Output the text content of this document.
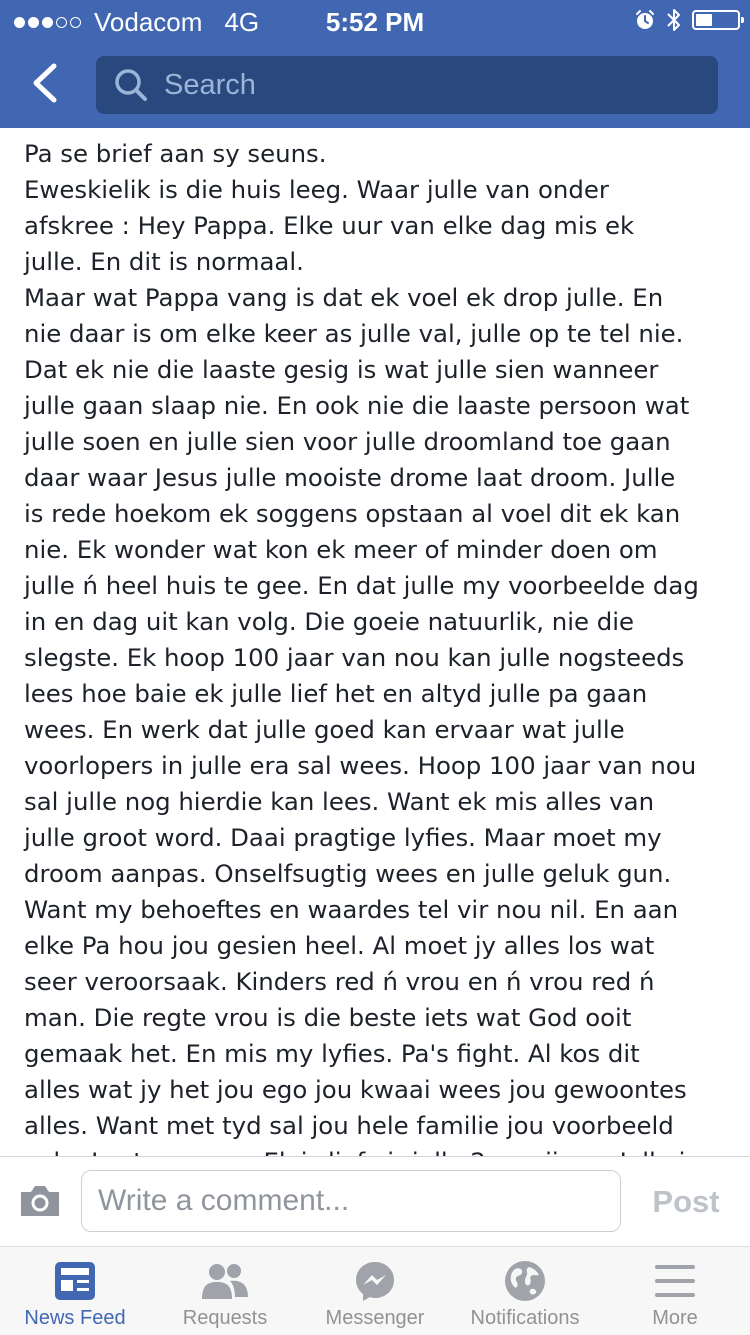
Vodacom 4G	5:52 PM
Search
Pa se brief aan sy seuns.
Eweskielik is die huis leeg. Waar julle van onder
afskree : Hey Pappa. Elke uur van elke dag mis ek
julle. En dit is normaal.
Maar wat Pappa vang is dat ek voel ek drop julle. En
nie daar is om elke keer as julle val, julle op te tel nie.
Dat ek nie die laaste gesig is wat julle sien wanneer
julle gaan slaap nie. En ook nie die laaste persoon wat
julle soen en julle sien voor julle droomland toe gaan
daar waar Jesus julle mooiste drome laat droom. Julle
is rede hoekom ek soggens opstaan al voel dit ek kan
nie. Ek wonder wat kon ek meer of minder doen om
julle ń heel huis te gee. En dat julle my voorbeelde dag
in en dag uit kan volg. Die goeie natuurlik, nie die
slegste. Ek hoop 100 jaar van nou kan julle nogsteeds
lees hoe baie ek julle lief het en altyd julle pa gaan
wees. En werk dat julle goed kan ervaar wat julle
voorlopers in julle era sal wees. Hoop 100 jaar van nou
sal julle nog hierdie kan lees. Want ek mis alles van
julle groot word. Daai pragtige lyfies. Maar moet my
droom aanpas. Onselfsugtig wees en julle geluk gun.
Want my behoeftes en waardes tel vir nou nil. En aan
elke Pa hou jou gesien heel. Al moet jy alles los wat
seer veroorsaak. Kinders red ń vrou en ń vrou red ń
man. Die regte vrou is die beste iets wat God ooit
gemaak het. En mis my lyfies. Pa's fight. Al kos dit
alles wat jy het jou ego jou kwaai wees jou gewoontes
alles. Want met tyd sal jou hele familie jou voorbeeld
Write a comment...
Post
News Feed	Requests	Messenger Notifications	More
